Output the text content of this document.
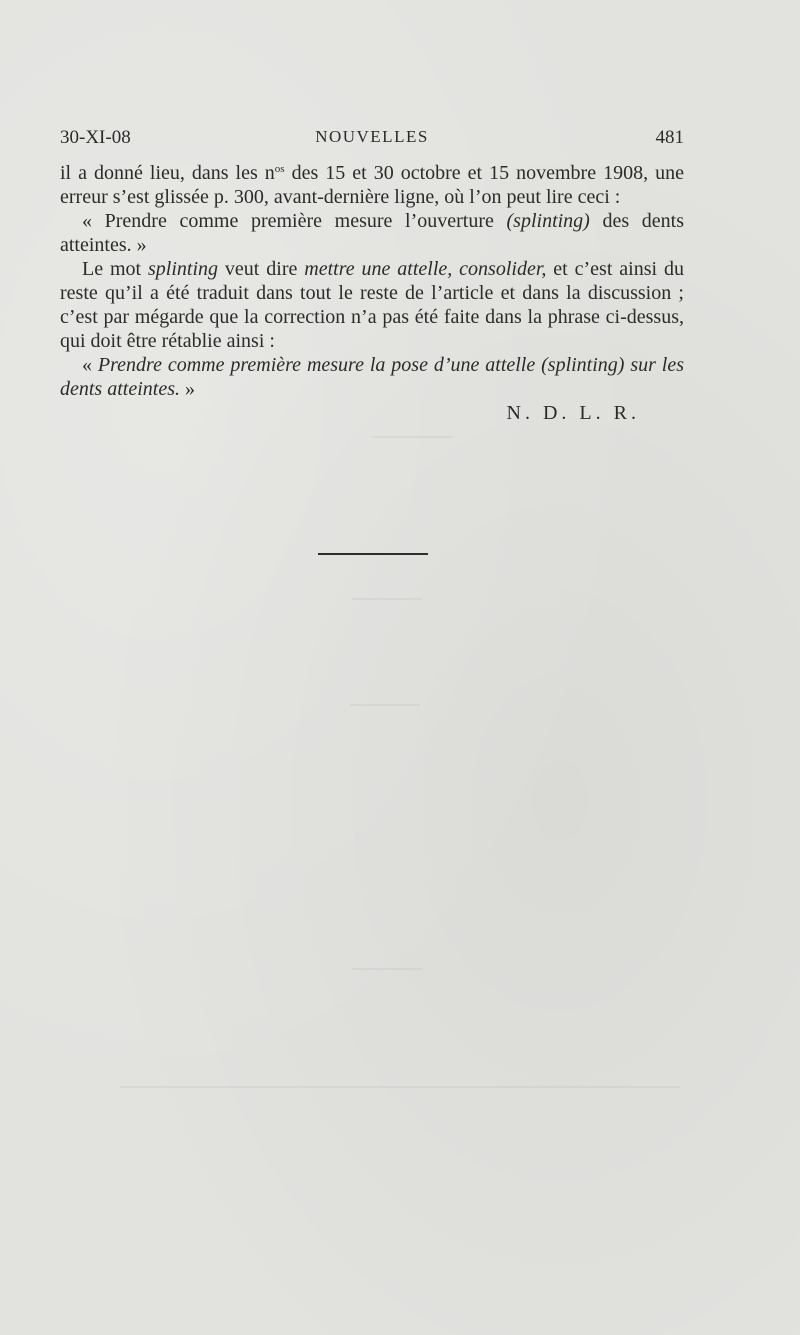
30-XI-08	NOUVELLES	481

il a donné lieu, dans les $n^{os}$ des 15 et 30 octobre et 15 novembre 1908, une erreur s’est glissée p. 300, avant-dernière ligne, où l’on peut lire ceci :

« Prendre comme première mesure l’ouverture (splinting) des dents atteintes. »

Le mot splinting veut dire mettre une attelle, consolider, et c’est ainsi du reste qu’il a été traduit dans tout le reste de l’article et dans la discussion ; c’est par mégarde que la correction n’a pas été faite dans la phrase ci-dessus, qui doit être rétablie ainsi :

« Prendre comme première mesure la pose d’une attelle (splinting) sur les dents atteintes. »

N. D. L. R.
